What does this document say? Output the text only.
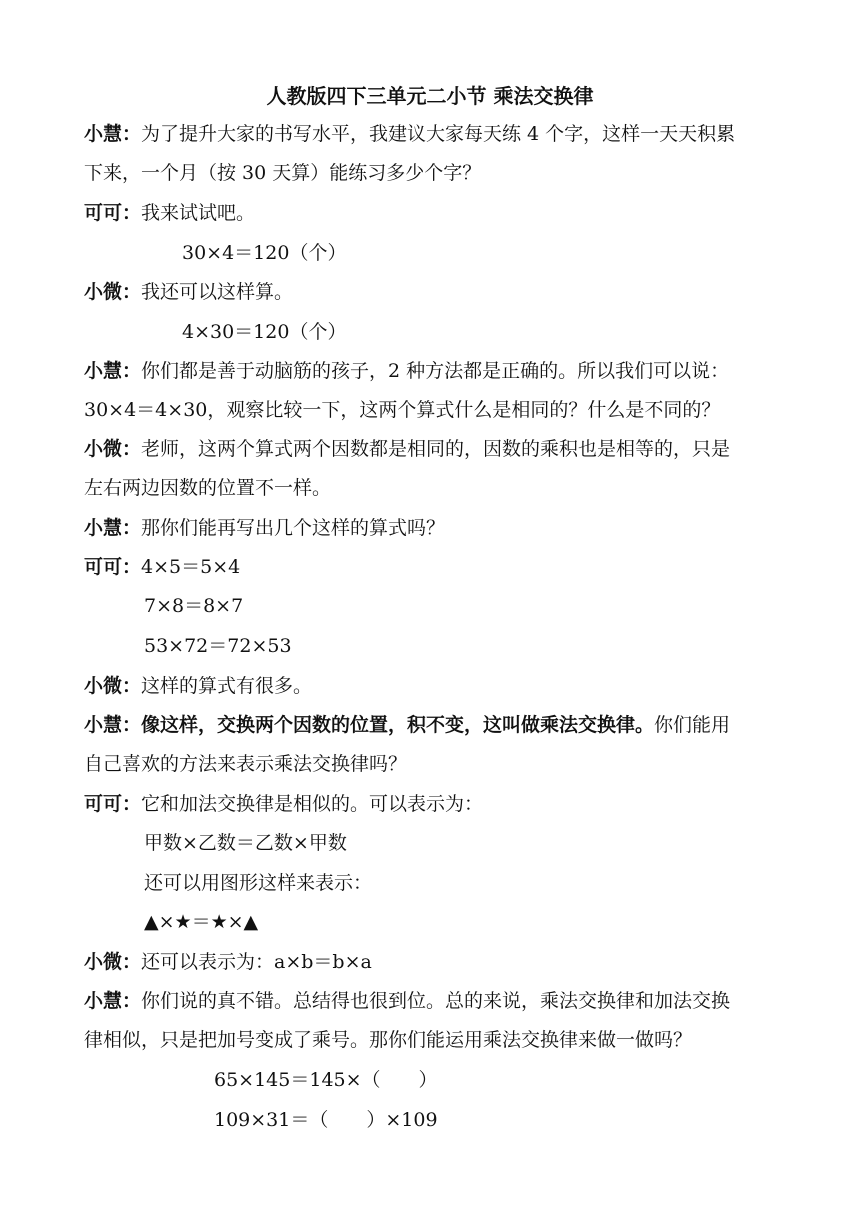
人教版四下三单元二小节 乘法交换律
小慧：为了提升大家的书写水平，我建议大家每天练 4 个字，这样一天天积累
下来，一个月（按 30 天算）能练习多少个字？
可可：我来试试吧。
30×4＝120（个）
小微：我还可以这样算。
4×30＝120（个）
小慧：你们都是善于动脑筋的孩子，2 种方法都是正确的。所以我们可以说：
30×4＝4×30，观察比较一下，这两个算式什么是相同的？什么是不同的？
小微：老师，这两个算式两个因数都是相同的，因数的乘积也是相等的，只是
左右两边因数的位置不一样。
小慧：那你们能再写出几个这样的算式吗？
可可：4×5＝5×4
7×8＝8×7
53×72＝72×53
小微：这样的算式有很多。
小慧：像这样，交换两个因数的位置，积不变，这叫做乘法交换律。你们能用
自己喜欢的方法来表示乘法交换律吗？
可可：它和加法交换律是相似的。可以表示为：
甲数×乙数＝乙数×甲数
还可以用图形这样来表示：
▲×★＝★×▲
小微：还可以表示为：a×b＝b×a
小慧：你们说的真不错。总结得也很到位。总的来说，乘法交换律和加法交换
律相似，只是把加号变成了乘号。那你们能运用乘法交换律来做一做吗？
65×145＝145×（　　）
109×31＝（　　）×109
